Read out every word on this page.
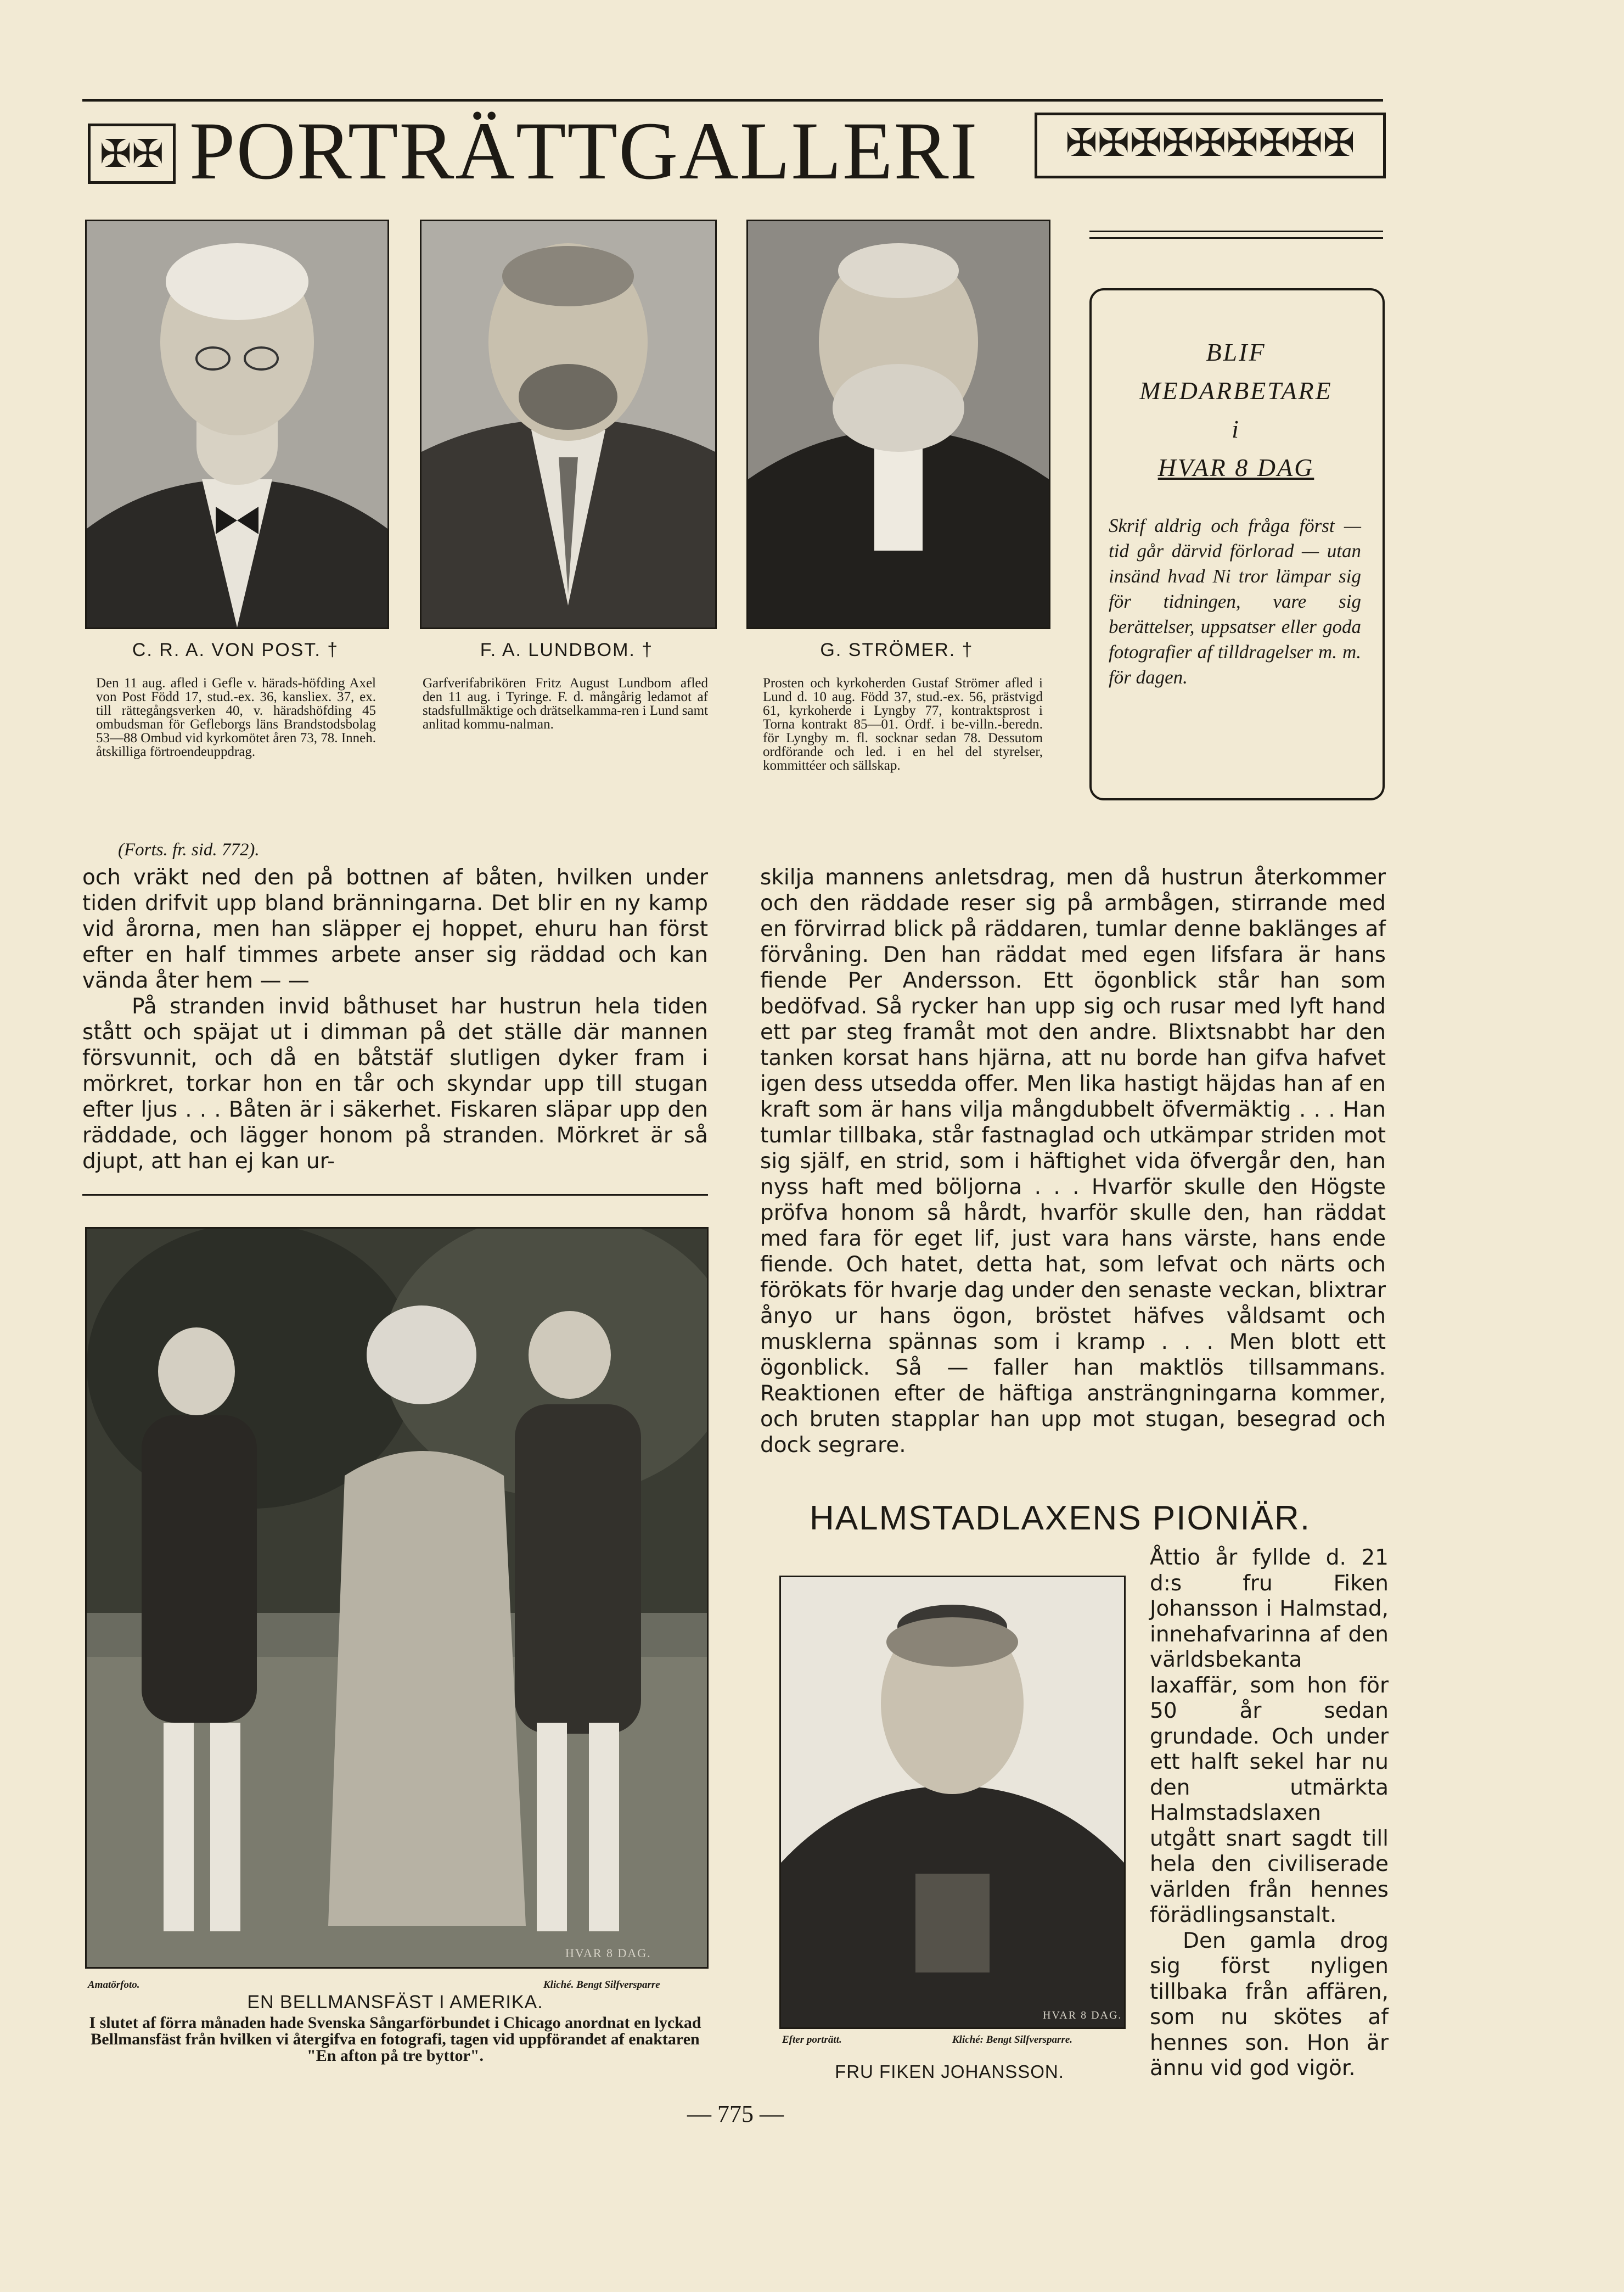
✠✠ PORTRÄTTGALLERI	✠✠✠✠✠✠✠✠✠
C. R. A. VON POST. †
Den 11 aug. afled i Gefle v. härads-höfding Axel von Post Född 17, stud.-ex. 36, kansliex. 37, ex. till rättegångsverken 40, v. häradshöfding 45 ombudsman för Gefleborgs läns Brandstodsbolag 53—88 Ombud vid kyrkomötet åren 73, 78. Inneh. åtskilliga förtroendeuppdrag.
F. A. LUNDBOM. †
Garfverifabrikören Fritz August Lundbom afled den 11 aug. i Tyringe. F. d. mångårig ledamot af stadsfullmäktige och drätselkamma-ren i Lund samt anlitad kommu-nalman.
G. STRÖMER. †
Prosten och kyrkoherden Gustaf Strömer afled i Lund d. 10 aug. Född 37, stud.-ex. 56, prästvigd 61, kyrkoherde i Lyngby 77, kontraktsprost i Torna kontrakt 85—01. Ordf. i be-villn.-beredn. för Lyngby m. fl. socknar sedan 78. Dessutom ordförande och led. i en hel del styrelser, kommittéer och sällskap.
BLIF
MEDARBETARE
i
HVAR 8 DAG
Skrif aldrig och fråga först — tid går därvid förlorad — utan insänd hvad Ni tror lämpar sig för tidningen, vare sig berättelser, uppsatser eller goda fotografier af tilldragelser m. m. för dagen.
(Forts. fr. sid. 772).

och vräkt ned den på bottnen af båten, hvilken under tiden drifvit upp bland bränningarna. Det blir en ny kamp vid årorna, men han släpper ej hoppet, ehuru han först efter en half timmes arbete anser sig räddad och kan vända åter hem — —

På stranden invid båthuset har hustrun hela tiden stått och späjat ut i dimman på det ställe där mannen försvunnit, och då en båtstäf slutligen dyker fram i mörkret, torkar hon en tår och skyndar upp till stugan efter ljus . . . Båten är i säkerhet. Fiskaren släpar upp den räddade, och lägger honom på stranden. Mörkret är så djupt, att han ej kan ur-

skilja mannens anletsdrag, men då hustrun återkommer och den räddade reser sig på armbågen, stirrande med en förvirrad blick på räddaren, tumlar denne baklänges af förvåning. Den han räddat med egen lifsfara är hans fiende Per Andersson. Ett ögonblick står han som bedöfvad. Så rycker han upp sig och rusar med lyft hand ett par steg framåt mot den andre. Blixtsnabbt har den tanken korsat hans hjärna, att nu borde han gifva hafvet igen dess utsedda offer. Men lika hastigt häjdas han af en kraft som är hans vilja mångdubbelt öfvermäktig . . . Han tumlar tillbaka, står fastnaglad och utkämpar striden mot sig själf, en strid, som i häftighet vida öfvergår den, han nyss haft med böljorna . . . Hvarför skulle den Högste pröfva honom så hårdt, hvarför skulle den, han räddat med fara för eget lif, just vara hans värste, hans ende fiende. Och hatet, detta hat, som lefvat och närts och förökats för hvarje dag under den senaste veckan, blixtrar ånyo ur hans ögon, bröstet häfves våldsamt och musklerna spännas som i kramp . . . Men blott ett ögonblick. Så — faller han maktlös tillsammans. Reaktionen efter de häftiga ansträngningarna kommer, och bruten stapplar han upp mot stugan, besegrad och dock segrare.
HVAR 8 DAG.
Amatörfoto.	Kliché. Bengt Silfversparre
EN BELLMANSFÄST I AMERIKA.
I slutet af förra månaden hade Svenska Sångarförbundet i Chicago anordnat en lyckad Bellmansfäst från hvilken vi återgifva en fotografi, tagen vid uppförandet af enaktaren "En afton på tre byttor".
HALMSTADLAXENS PIONIÄR.
HVAR 8 DAG.
Efter porträtt.	Kliché: Bengt Silfversparre.
FRU FIKEN JOHANSSON.

Åttio år fyllde d. 21 d:s fru Fiken Johansson i Halmstad, innehafvarinna af den världsbekanta laxaffär, som hon för 50 år sedan grundade. Och under ett halft sekel har nu den utmärkta Halmstadslaxen utgått snart sagdt till hela den civiliserade världen från hennes förädlingsanstalt.

Den gamla drog sig först nyligen tillbaka från affären, som nu skötes af hennes son. Hon är ännu vid god vigör.

— 775 —
